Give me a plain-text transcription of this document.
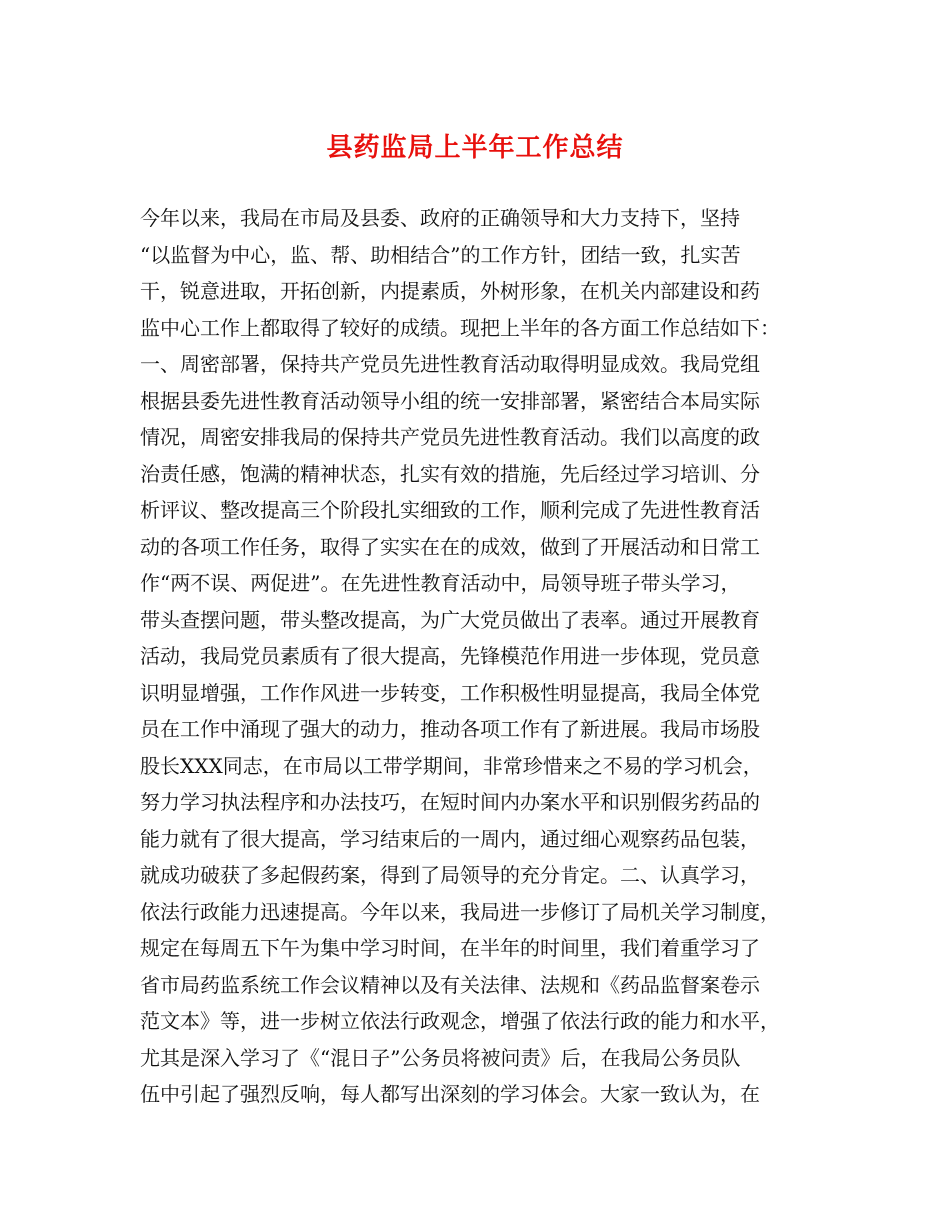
县药监局上半年工作总结
今年以来，我局在市局及县委、政府的正确领导和大力支持下，坚持
“以监督为中心，监、帮、助相结合”的工作方针，团结一致，扎实苦
干，锐意进取，开拓创新，内提素质，外树形象，在机关内部建设和药
监中心工作上都取得了较好的成绩。现把上半年的各方面工作总结如下：
一、周密部署，保持共产党员先进性教育活动取得明显成效。我局党组
根据县委先进性教育活动领导小组的统一安排部署，紧密结合本局实际
情况，周密安排我局的保持共产党员先进性教育活动。我们以高度的政
治责任感，饱满的精神状态，扎实有效的措施，先后经过学习培训、分
析评议、整改提高三个阶段扎实细致的工作，顺利完成了先进性教育活
动的各项工作任务，取得了实实在在的成效，做到了开展活动和日常工
作“两不误、两促进”。在先进性教育活动中，局领导班子带头学习，
带头查摆问题，带头整改提高，为广大党员做出了表率。通过开展教育
活动，我局党员素质有了很大提高，先锋模范作用进一步体现，党员意
识明显增强，工作作风进一步转变，工作积极性明显提高，我局全体党
员在工作中涌现了强大的动力，推动各项工作有了新进展。我局市场股
股长XXX同志，在市局以工带学期间，非常珍惜来之不易的学习机会，
努力学习执法程序和办法技巧，在短时间内办案水平和识别假劣药品的
能力就有了很大提高，学习结束后的一周内，通过细心观察药品包装，
就成功破获了多起假药案，得到了局领导的充分肯定。二、认真学习，
依法行政能力迅速提高。今年以来，我局进一步修订了局机关学习制度，
规定在每周五下午为集中学习时间，在半年的时间里，我们着重学习了
省市局药监系统工作会议精神以及有关法律、法规和《药品监督案卷示
范文本》等，进一步树立依法行政观念，增强了依法行政的能力和水平，
尤其是深入学习了《“混日子”公务员将被问责》后，在我局公务员队
伍中引起了强烈反响，每人都写出深刻的学习体会。大家一致认为，在
